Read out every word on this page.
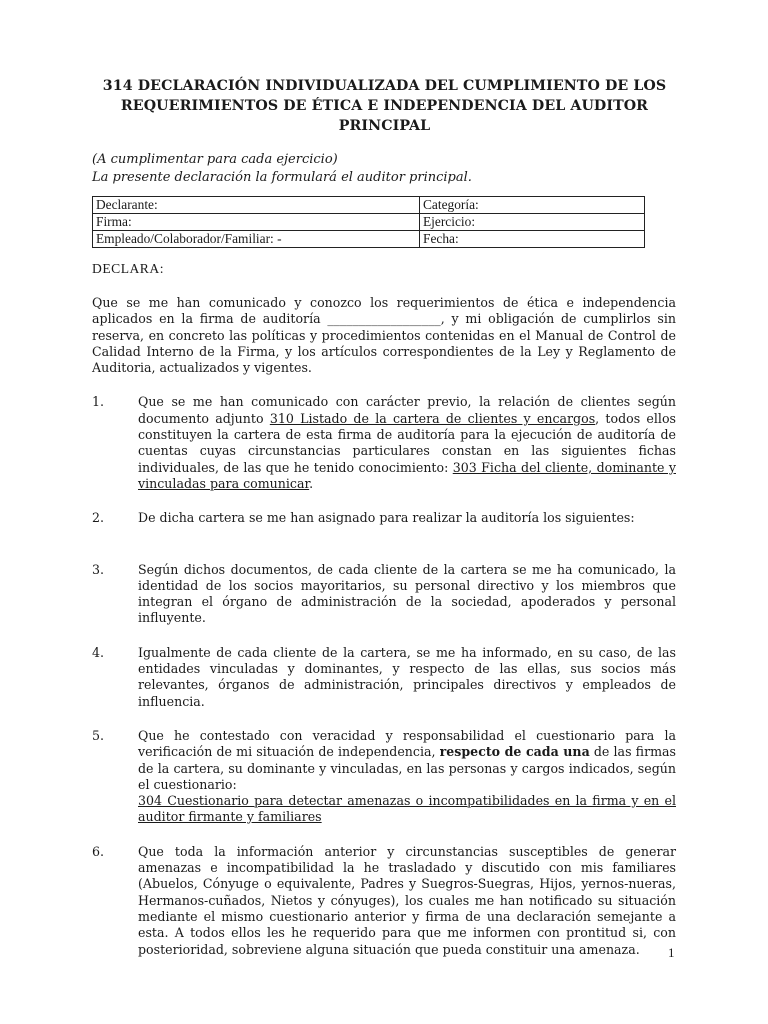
314 DECLARACIÓN INDIVIDUALIZADA DEL CUMPLIMIENTO DE LOS
REQUERIMIENTOS DE ÉTICA E INDEPENDENCIA DEL AUDITOR PRINCIPAL
(A cumplimentar para cada ejercicio)
La presente declaración la formulará el auditor principal.
Declarante:	Categoría:
Firma:	Ejercicio:
Empleado/Colaborador/Familiar: -	Fecha:
DECLARA:
Que se me han comunicado y conozco los requerimientos de ética e independencia aplicados en la firma de auditoría __________________, y mi obligación de cumplirlos sin reserva, en concreto las políticas y procedimientos contenidas en el Manual de Control de Calidad Interno de la Firma, y los artículos correspondientes de la Ley y Reglamento de Auditoria, actualizados y vigentes.
1.	Que se me han comunicado con carácter previo, la relación de clientes según documento adjunto 310 Listado de la cartera de clientes y encargos, todos ellos constituyen la cartera de esta firma de auditoría para la ejecución de auditoría de cuentas cuyas circunstancias particulares constan en las siguientes fichas individuales, de las que he tenido conocimiento: 303 Ficha del cliente, dominante y vinculadas para comunicar.
2.	De dicha cartera se me han asignado para realizar la auditoría los siguientes:
3.	Según dichos documentos, de cada cliente de la cartera se me ha comunicado, la identidad de los socios mayoritarios, su personal directivo y los miembros que integran el órgano de administración de la sociedad, apoderados y personal influyente.
4.	Igualmente de cada cliente de la cartera, se me ha informado, en su caso, de las entidades vinculadas y dominantes, y respecto de las ellas, sus socios más relevantes, órganos de administración, principales directivos y empleados de influencia.
5.	Que he contestado con veracidad y responsabilidad el cuestionario para la verificación de mi situación de independencia, respecto de cada una de las firmas de la cartera, su dominante y vinculadas, en las personas y cargos indicados, según el cuestionario:
304 Cuestionario para detectar amenazas o incompatibilidades en la firma y en el auditor firmante y familiares
6.	Que toda la información anterior y circunstancias susceptibles de generar amenazas e incompatibilidad la he trasladado y discutido con mis familiares (Abuelos, Cónyuge o equivalente, Padres y Suegros-Suegras, Hijos, yernos-nueras, Hermanos-cuñados, Nietos y cónyuges), los cuales me han notificado su situación mediante el mismo cuestionario anterior y firma de una declaración semejante a esta. A todos ellos les he requerido para que me informen con prontitud si, con posterioridad, sobreviene alguna situación que pueda constituir una amenaza.	1
